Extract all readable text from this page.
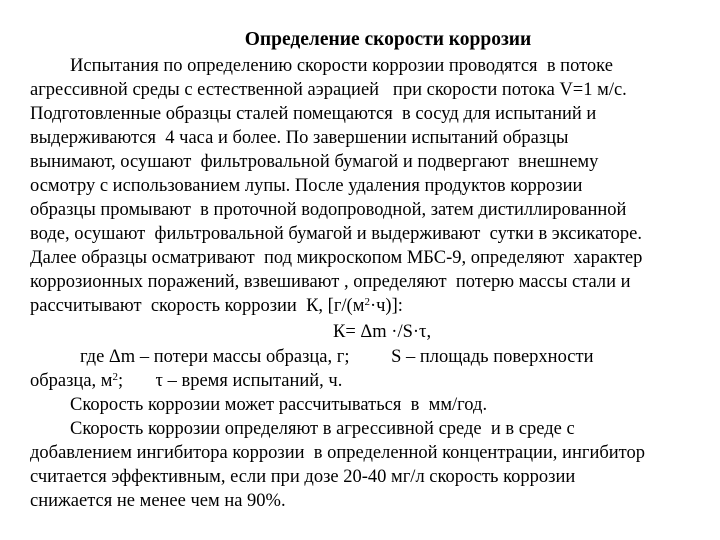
Определение скорости коррозии
Испытания по определению скорости коррозии проводятся  в потоке
агрессивной среды с естественной аэрацией   при скорости потока V=1 м/с.
Подготовленные образцы сталей помещаются  в сосуд для испытаний и
выдерживаются  4 часа и более. По завершении испытаний образцы
вынимают, осушают  фильтровальной бумагой и подвергают  внешнему
осмотру с использованием лупы. После удаления продуктов коррозии
образцы промывают  в проточной водопроводной, затем дистиллированной
воде, осушают  фильтровальной бумагой и выдерживают  сутки в эксикаторе.
Далее образцы осматривают  под микроскопом МБС-9, определяют  характер
коррозионных поражений, взвешивают , определяют  потерю массы стали и
рассчитывают  скорость коррозии  К, $[г/(м^2\cdot ч)]$:
К= Δm ·/S·τ,
где Δm – потери массы образца, г;         S – площадь поверхности
образца, $м^2$;       τ – время испытаний, ч.
Скорость коррозии может рассчитываться  в  мм/год.
Скорость коррозии определяют в агрессивной среде  и в среде с
добавлением ингибитора коррозии  в определенной концентрации, ингибитор
считается эффективным, если при дозе 20-40 мг/л скорость коррозии
снижается не менее чем на 90%.
